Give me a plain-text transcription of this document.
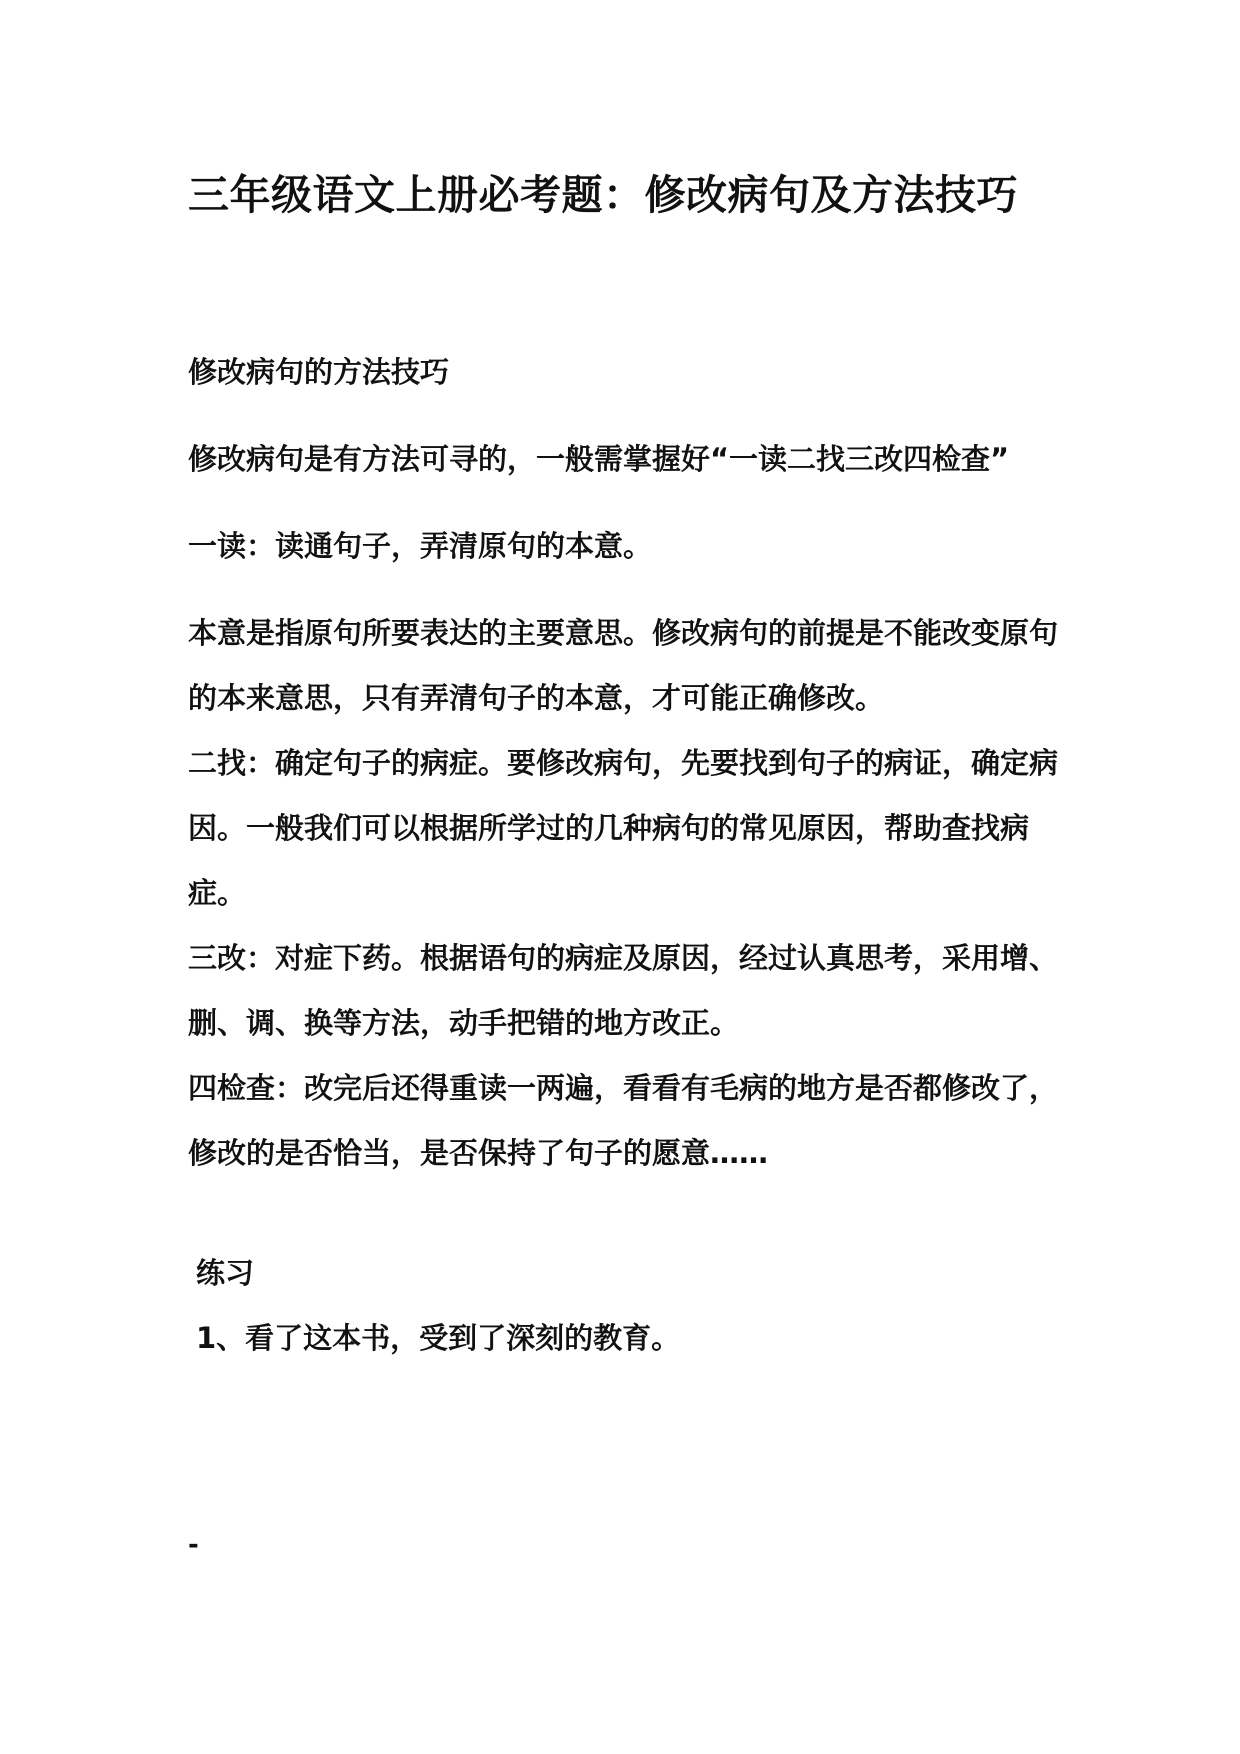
三年级语文上册必考题：修改病句及方法技巧

修改病句的方法技巧

修改病句是有方法可寻的，一般需掌握好“一读二找三改四检查”

一读：读通句子，弄清原句的本意。

本意是指原句所要表达的主要意思。修改病句的前提是不能改变原句的本来意思，只有弄清句子的本意，才可能正确修改。

二找：确定句子的病症。要修改病句，先要找到句子的病证，确定病因。一般我们可以根据所学过的几种病句的常见原因，帮助查找病症。

三改：对症下药。根据语句的病症及原因，经过认真思考，采用增、删、调、换等方法，动手把错的地方改正。

四检查：改完后还得重读一两遍，看看有毛病的地方是否都修改了，修改的是否恰当，是否保持了句子的愿意……

练习

1、看了这本书，受到了深刻的教育。

-
